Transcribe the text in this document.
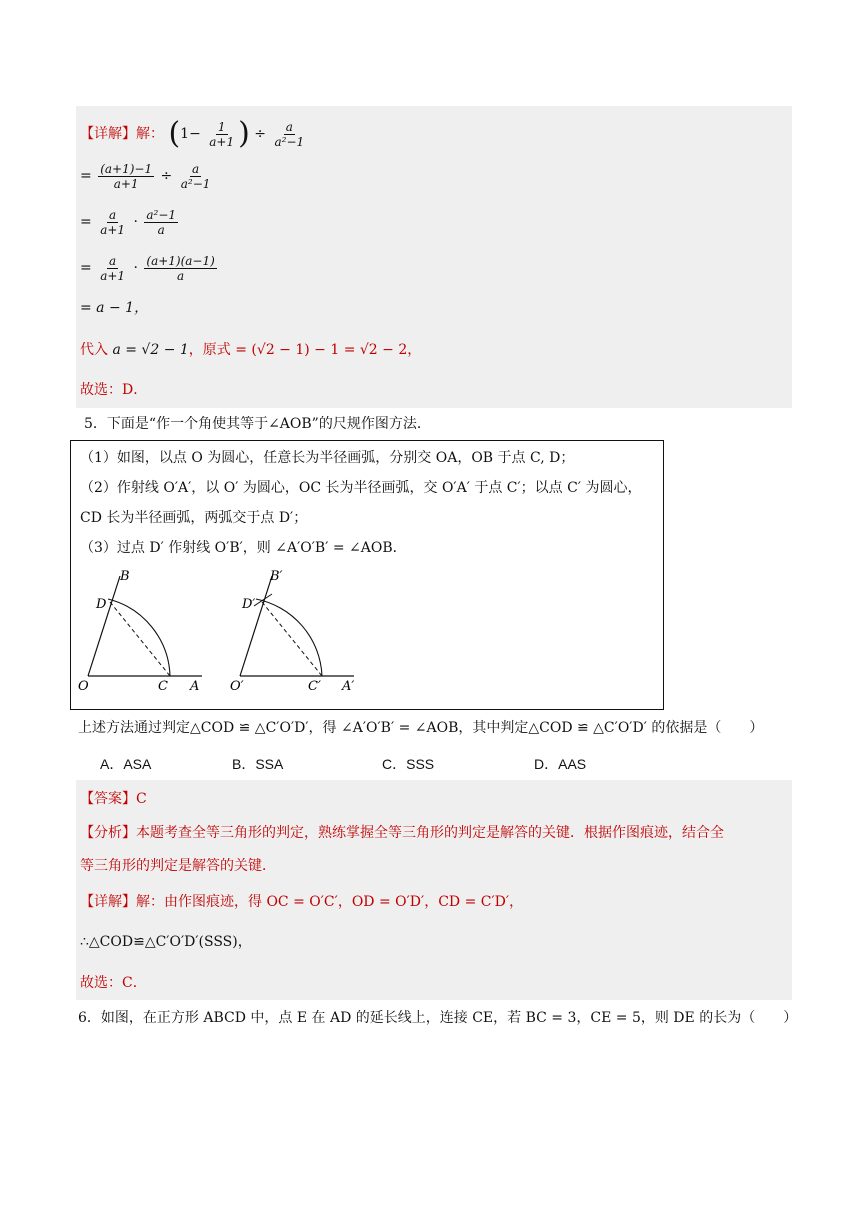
【详解】解： ($1- \frac{1}{a+1}$ ) ÷ $\frac{a}{\text{a²−1}}$
= $\frac{(a+1)-1}{a+1} \div \frac{a}{\text{a²−1}}$
= $\frac{a}{a+1} \cdot \frac{\text{a²−1}}{a}$
= $\frac{a}{a+1} \cdot \frac{(a+1)(a-1)}{a}$
= a − 1，
代入 a = √2 − 1，原式 = (√2 − 1) − 1 = √2 − 2，
故选：D．
5．下面是“作一个角使其等于∠AOB”的尺规作图方法．
（1）如图，以点 O 为圆心，任意长为半径画弧，分别交 OA，OB 于点 C, D；
（2）作射线 O′A′，以 O′ 为圆心，OC 长为半径画弧，交 O′A′ 于点 C′；以点 C′ 为圆心，
CD 长为半径画弧，两弧交于点 D′；
（3）过点 D′ 作射线 O′B′，则 ∠A′O′B′ = ∠AOB．
B
D
O	C A
B′
D′
O′	C′ A′
上述方法通过判定△COD ≌ △C′O′D′，得 ∠A′O′B′ = ∠AOB，其中判定△COD ≌ △C′O′D′ 的依据是（　　）
A．ASA	B．SSA	C．SSS	D．AAS
【答案】C
【分析】本题考查全等三角形的判定，熟练掌握全等三角形的判定是解答的关键．根据作图痕迹，结合全
等三角形的判定是解答的关键．
【详解】解：由作图痕迹，得 OC = O′C′，OD = O′D′，CD = C′D′，
∴△COD≌△C′O′D′(SSS)，
故选：C．
6．如图，在正方形 ABCD 中，点 E 在 AD 的延长线上，连接 CE，若 BC = 3，CE = 5，则 DE 的长为（　　）
